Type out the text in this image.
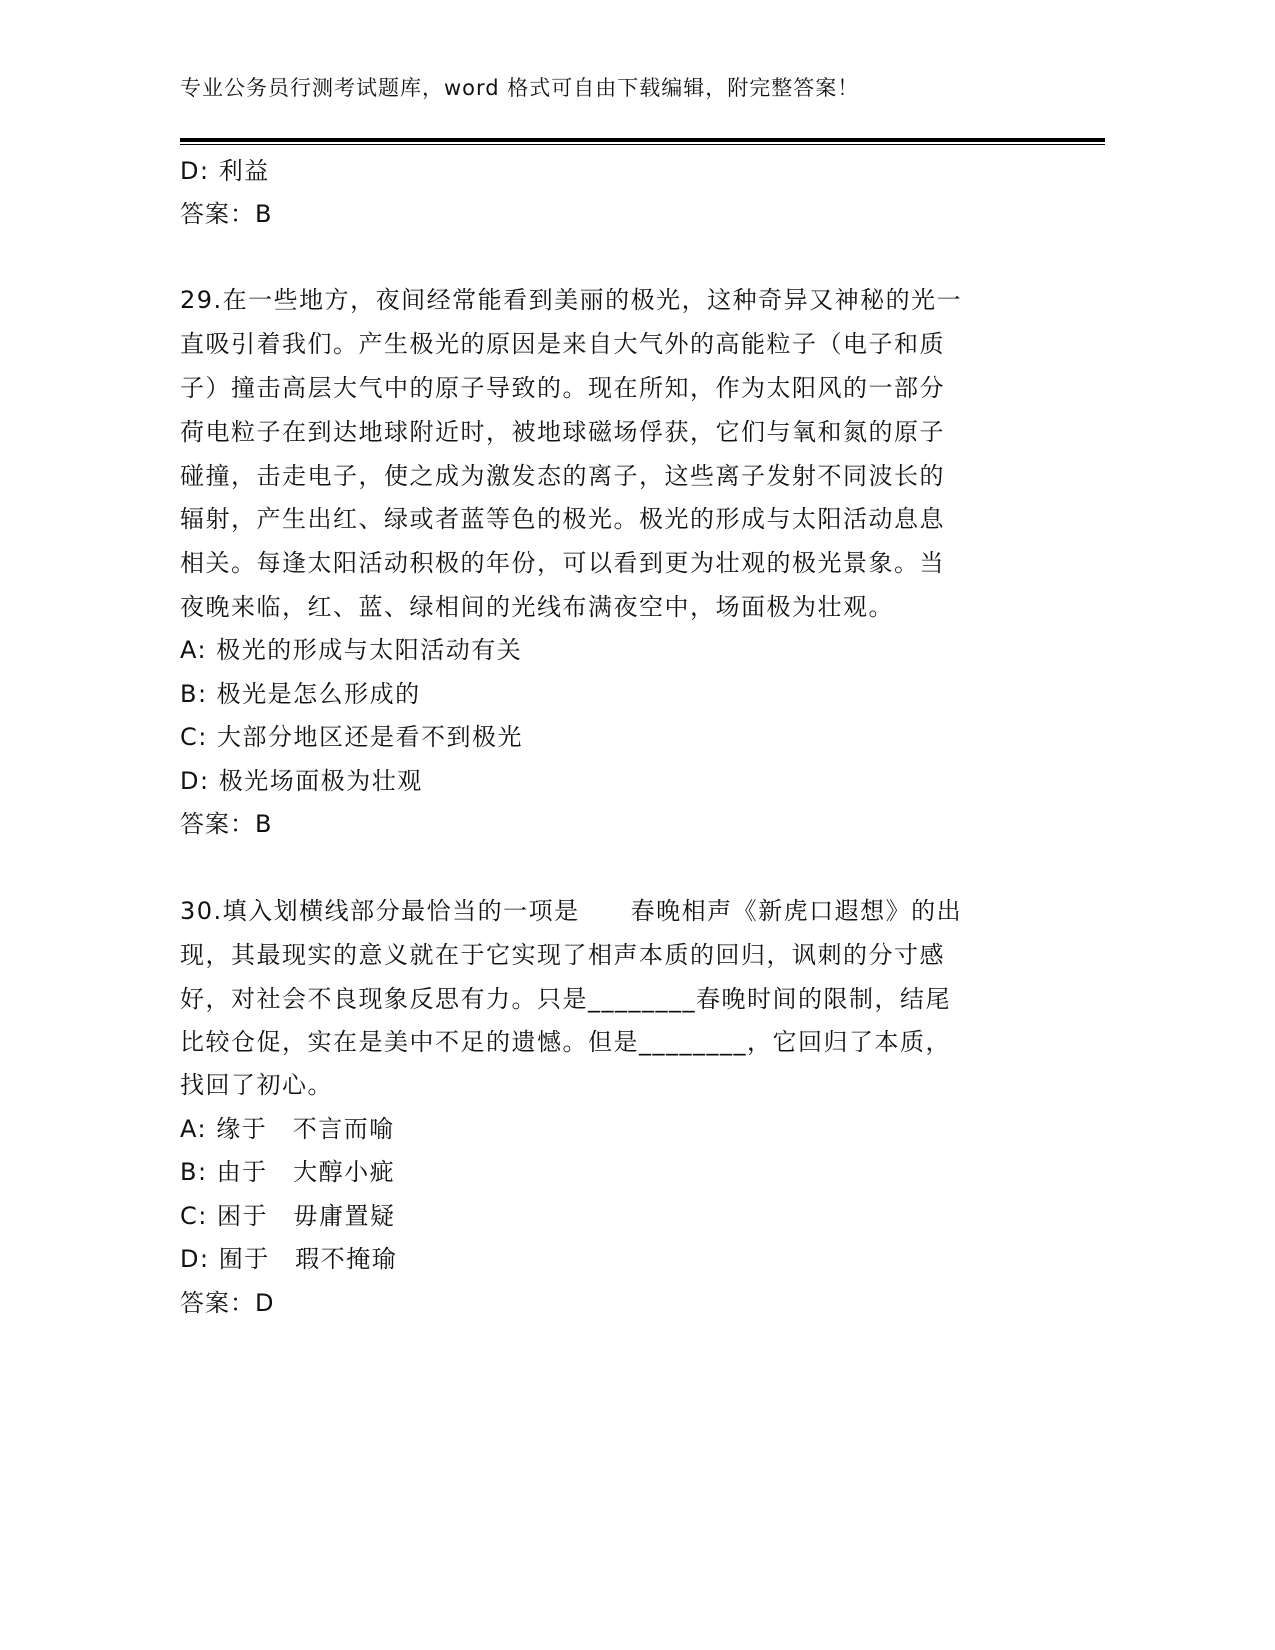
专业公务员行测考试题库，word 格式可自由下载编辑，附完整答案！
D: 利益
答案：B
29.在一些地方，夜间经常能看到美丽的极光，这种奇异又神秘的光一
直吸引着我们。产生极光的原因是来自大气外的高能粒子（电子和质
子）撞击高层大气中的原子导致的。现在所知，作为太阳风的一部分
荷电粒子在到达地球附近时，被地球磁场俘获，它们与氧和氮的原子
碰撞，击走电子，使之成为激发态的离子，这些离子发射不同波长的
辐射，产生出红、绿或者蓝等色的极光。极光的形成与太阳活动息息
相关。每逢太阳活动积极的年份，可以看到更为壮观的极光景象。当
夜晚来临，红、蓝、绿相间的光线布满夜空中，场面极为壮观。
A: 极光的形成与太阳活动有关
B: 极光是怎么形成的
C: 大部分地区还是看不到极光
D: 极光场面极为壮观
答案：B
30.填入划横线部分最恰当的一项是　　春晚相声《新虎口遐想》的出
现，其最现实的意义就在于它实现了相声本质的回归，讽刺的分寸感
好，对社会不良现象反思有力。只是________春晚时间的限制，结尾
比较仓促，实在是美中不足的遗憾。但是________，它回归了本质，
找回了初心。
A: 缘于　不言而喻
B: 由于　大醇小疵
C: 困于　毋庸置疑
D: 囿于　瑕不掩瑜
答案：D
